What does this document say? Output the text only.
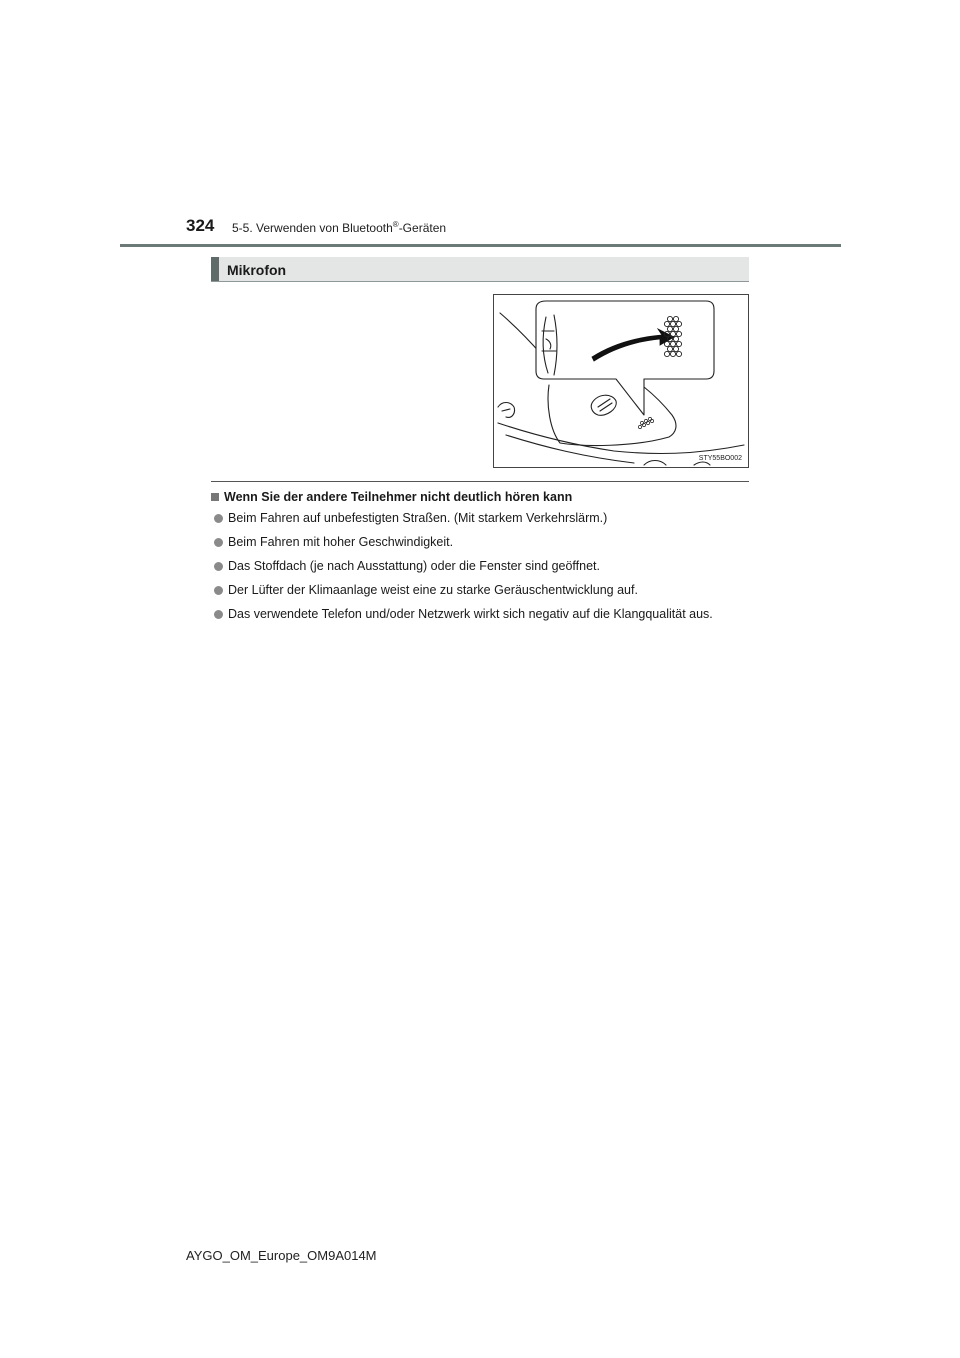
324 5-5. Verwenden von Bluetooth®-Geräten
Mikrofon
STY55BO002
Wenn Sie der andere Teilnehmer nicht deutlich hören kann
Beim Fahren auf unbefestigten Straßen. (Mit starkem Verkehrslärm.)
Beim Fahren mit hoher Geschwindigkeit.
Das Stoffdach (je nach Ausstattung) oder die Fenster sind geöffnet.
Der Lüfter der Klimaanlage weist eine zu starke Geräuschentwicklung auf.
Das verwendete Telefon und/oder Netzwerk wirkt sich negativ auf die Klangqualität aus.
AYGO_OM_Europe_OM9A014M
